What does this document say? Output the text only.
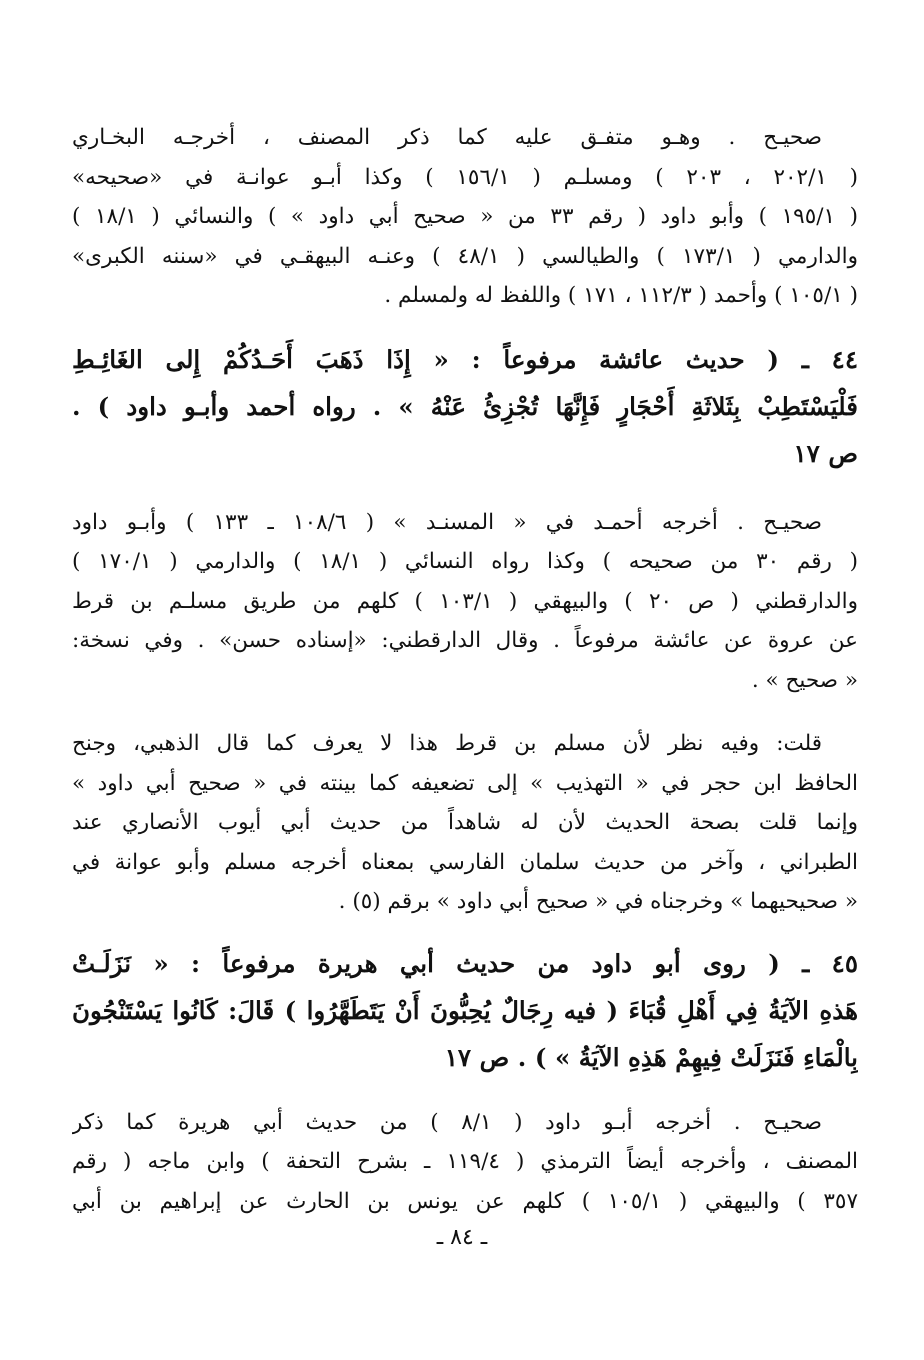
صحيـح . وهـو متفـق عليه كما ذكر المصنف ، أخرجـه البخـاري
( ٢٠٢/١ ، ٢٠٣ ) ومسلـم ( ١٥٦/١ ) وكذا أبـو عوانـة في «صحيحه»
( ١٩٥/١ ) وأبو داود ( رقم ٣٣ من « صحيح أبي داود » ) والنسائي ( ١٨/١ )
والدارمي ( ١٧٣/١ ) والطيالسي ( ٤٨/١ ) وعنـه البيهقـي في «سننه الكبرى»
( ١٠٥/١ ) وأحمد ( ١١٢/٣ ، ١٧١ ) واللفظ له ولمسلم .
٤٤ ـ ( حديث عائشة مرفوعاً : « إِذَا ذَهَبَ أَحَـدُكُمْ إِلى الغَائِـطِ
فَلْيَسْتَطِبْ بِثَلاثَةِ أَحْجَارٍ فَإِنَّهَا تُجْزِئُ عَنْهُ » . رواه أحمد وأبـو داود ) .
ص ١٧
صحيـح . أخرجه أحمـد في « المسنـد » ( ١٠٨/٦ ـ ١٣٣ ) وأبـو داود
( رقم ٣٠ من صحيحه ) وكذا رواه النسائي ( ١٨/١ ) والدارمي ( ١٧٠/١ )
والدارقطني ( ص ٢٠ ) والبيهقي ( ١٠٣/١ ) كلهم من طريق مسلـم بن قرط
عن عروة عن عائشة مرفوعاً . وقال الدارقطني: «إسناده حسن» . وفي نسخة:
« صحيح » .
قلت: وفيه نظر لأن مسلم بن قرط هذا لا يعرف كما قال الذهبي، وجنح
الحافظ ابن حجر في « التهذيب » إلى تضعيفه كما بينته في « صحيح أبي داود »
وإنما قلت بصحة الحديث لأن له شاهداً من حديث أبي أيوب الأنصاري عند
الطبراني ، وآخر من حديث سلمان الفارسي بمعناه أخرجه مسلم وأبو عوانة في
« صحيحيهما » وخرجناه في « صحيح أبي داود » برقم (٥) .
٤٥ ـ ( روى أبو داود من حديث أبي هريرة مرفوعاً : « نَزَلَـتْ
هَذهِ الآيَةُ فِي أَهْلِ قُبَاءَ ( فيه رِجَالٌ يُحِبُّونَ أَنْ يَتَطَهَّرُوا ) قَالَ: كَانُوا يَسْتَنْجُونَ
بِالْمَاءِ فَنَزَلَتْ فِيهِمْ هَذِهِ الآيَةُ » ) . ص ١٧
صحيـح . أخرجه أبـو داود ( ٨/١ ) من حديث أبي هريرة كما ذكر
المصنف ، وأخرجه أيضاً الترمذي ( ١١٩/٤ ـ بشرح التحفة ) وابن ماجه ( رقم
٣٥٧ ) والبيهقي ( ١٠٥/١ ) كلهم عن يونس بن الحارث عن إبراهيم بن أبي
ـ ٨٤ ـ
